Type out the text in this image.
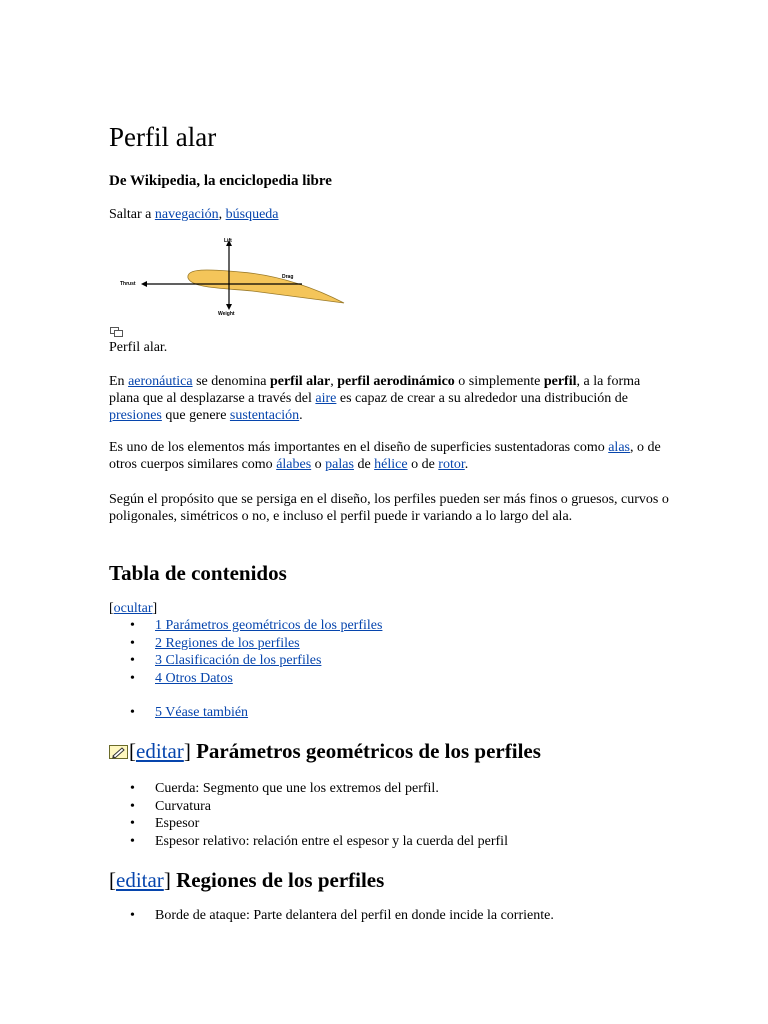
Perfil alar
De Wikipedia, la enciclopedia libre
Saltar a navegación, búsqueda
Lift
Drag
Thrust
Weight
Perfil alar.

En aeronáutica se denomina perfil alar, perfil aerodinámico o simplemente perfil, a la forma plana que al desplazarse a través del aire es capaz de crear a su alrededor una distribución de presiones que genere sustentación.

Es uno de los elementos más importantes en el diseño de superficies sustentadoras como alas, o de otros cuerpos similares como álabes o palas de hélice o de rotor.

Según el propósito que se persiga en el diseño, los perfiles pueden ser más finos o gruesos, curvos o poligonales, simétricos o no, e incluso el perfil puede ir variando a lo largo del ala.

Tabla de contenidos
[ocultar]
• 1 Parámetros geométricos de los perfiles
• 2 Regiones de los perfiles
• 3 Clasificación de los perfiles
• 4 Otros Datos
• 5 Véase también
[editar] Parámetros geométricos de los perfiles
• Cuerda: Segmento que une los extremos del perfil.
• Curvatura
• Espesor
• Espesor relativo: relación entre el espesor y la cuerda del perfil
[editar] Regiones de los perfiles
• Borde de ataque: Parte delantera del perfil en donde incide la corriente.
